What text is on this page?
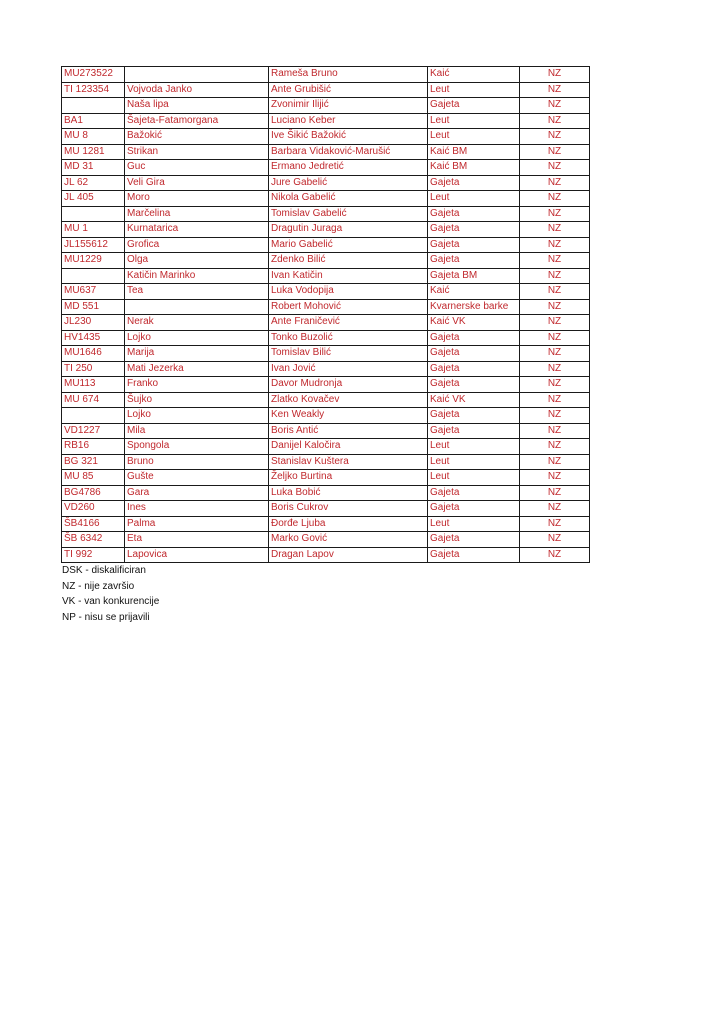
MU273522		Rameša Bruno	Kaić	NZ
TI 123354	Vojvoda Janko	Ante Grubišić	Leut	NZ
	Naša lipa	Zvonimir Ilijić	Gajeta	NZ
BA1	Šajeta-Fatamorgana	Luciano Keber	Leut	NZ
MU 8	Bažokić	Ive Šikić Bažokić	Leut	NZ
MU 1281	Strikan	Barbara Vidaković-Marušić	Kaić BM	NZ
MD 31	Guc	Ermano Jedretić	Kaić BM	NZ
JL 62	Veli Gira	Jure Gabelić	Gajeta	NZ
JL 405	Moro	Nikola Gabelić	Leut	NZ
	Marčelina	Tomislav Gabelić	Gajeta	NZ
MU 1	Kurnatarica	Dragutin Juraga	Gajeta	NZ
JL155612	Grofica	Mario Gabelić	Gajeta	NZ
MU1229	Olga	Zdenko Bilić	Gajeta	NZ
	Katičin Marinko	Ivan Katičin	Gajeta BM	NZ
MU637	Tea	Luka Vodopija	Kaić	NZ
MD 551		Robert Mohović	Kvarnerske barke	NZ
JL230	Nerak	Ante Franičević	Kaić VK	NZ
HV1435	Lojko	Tonko Buzolić	Gajeta	NZ
MU1646	Marija	Tomislav Bilić	Gajeta	NZ
TI 250	Mati Jezerka	Ivan Jović	Gajeta	NZ
MU113	Franko	Davor Mudronja	Gajeta	NZ
MU 674	Šujko	Zlatko Kovačev	Kaić VK	NZ
	Lojko	Ken Weakly	Gajeta	NZ
VD1227	Mila	Boris Antić	Gajeta	NZ
RB16	Spongola	Danijel Kaločira	Leut	NZ
BG 321	Bruno	Stanislav Kuštera	Leut	NZ
MU 85	Gušte	Željko Burtina	Leut	NZ
BG4786	Gara	Luka Bobić	Gajeta	NZ
VD260	Ines	Boris Cukrov	Gajeta	NZ
ŠB4166	Palma	Đorđe Ljuba	Leut	NZ
ŠB 6342	Eta	Marko Gović	Gajeta	NZ
TI 992	Lapovica	Dragan Lapov	Gajeta	NZ
DSK - diskalificiran
NZ - nije završio
VK - van konkurencije
NP - nisu se prijavili
